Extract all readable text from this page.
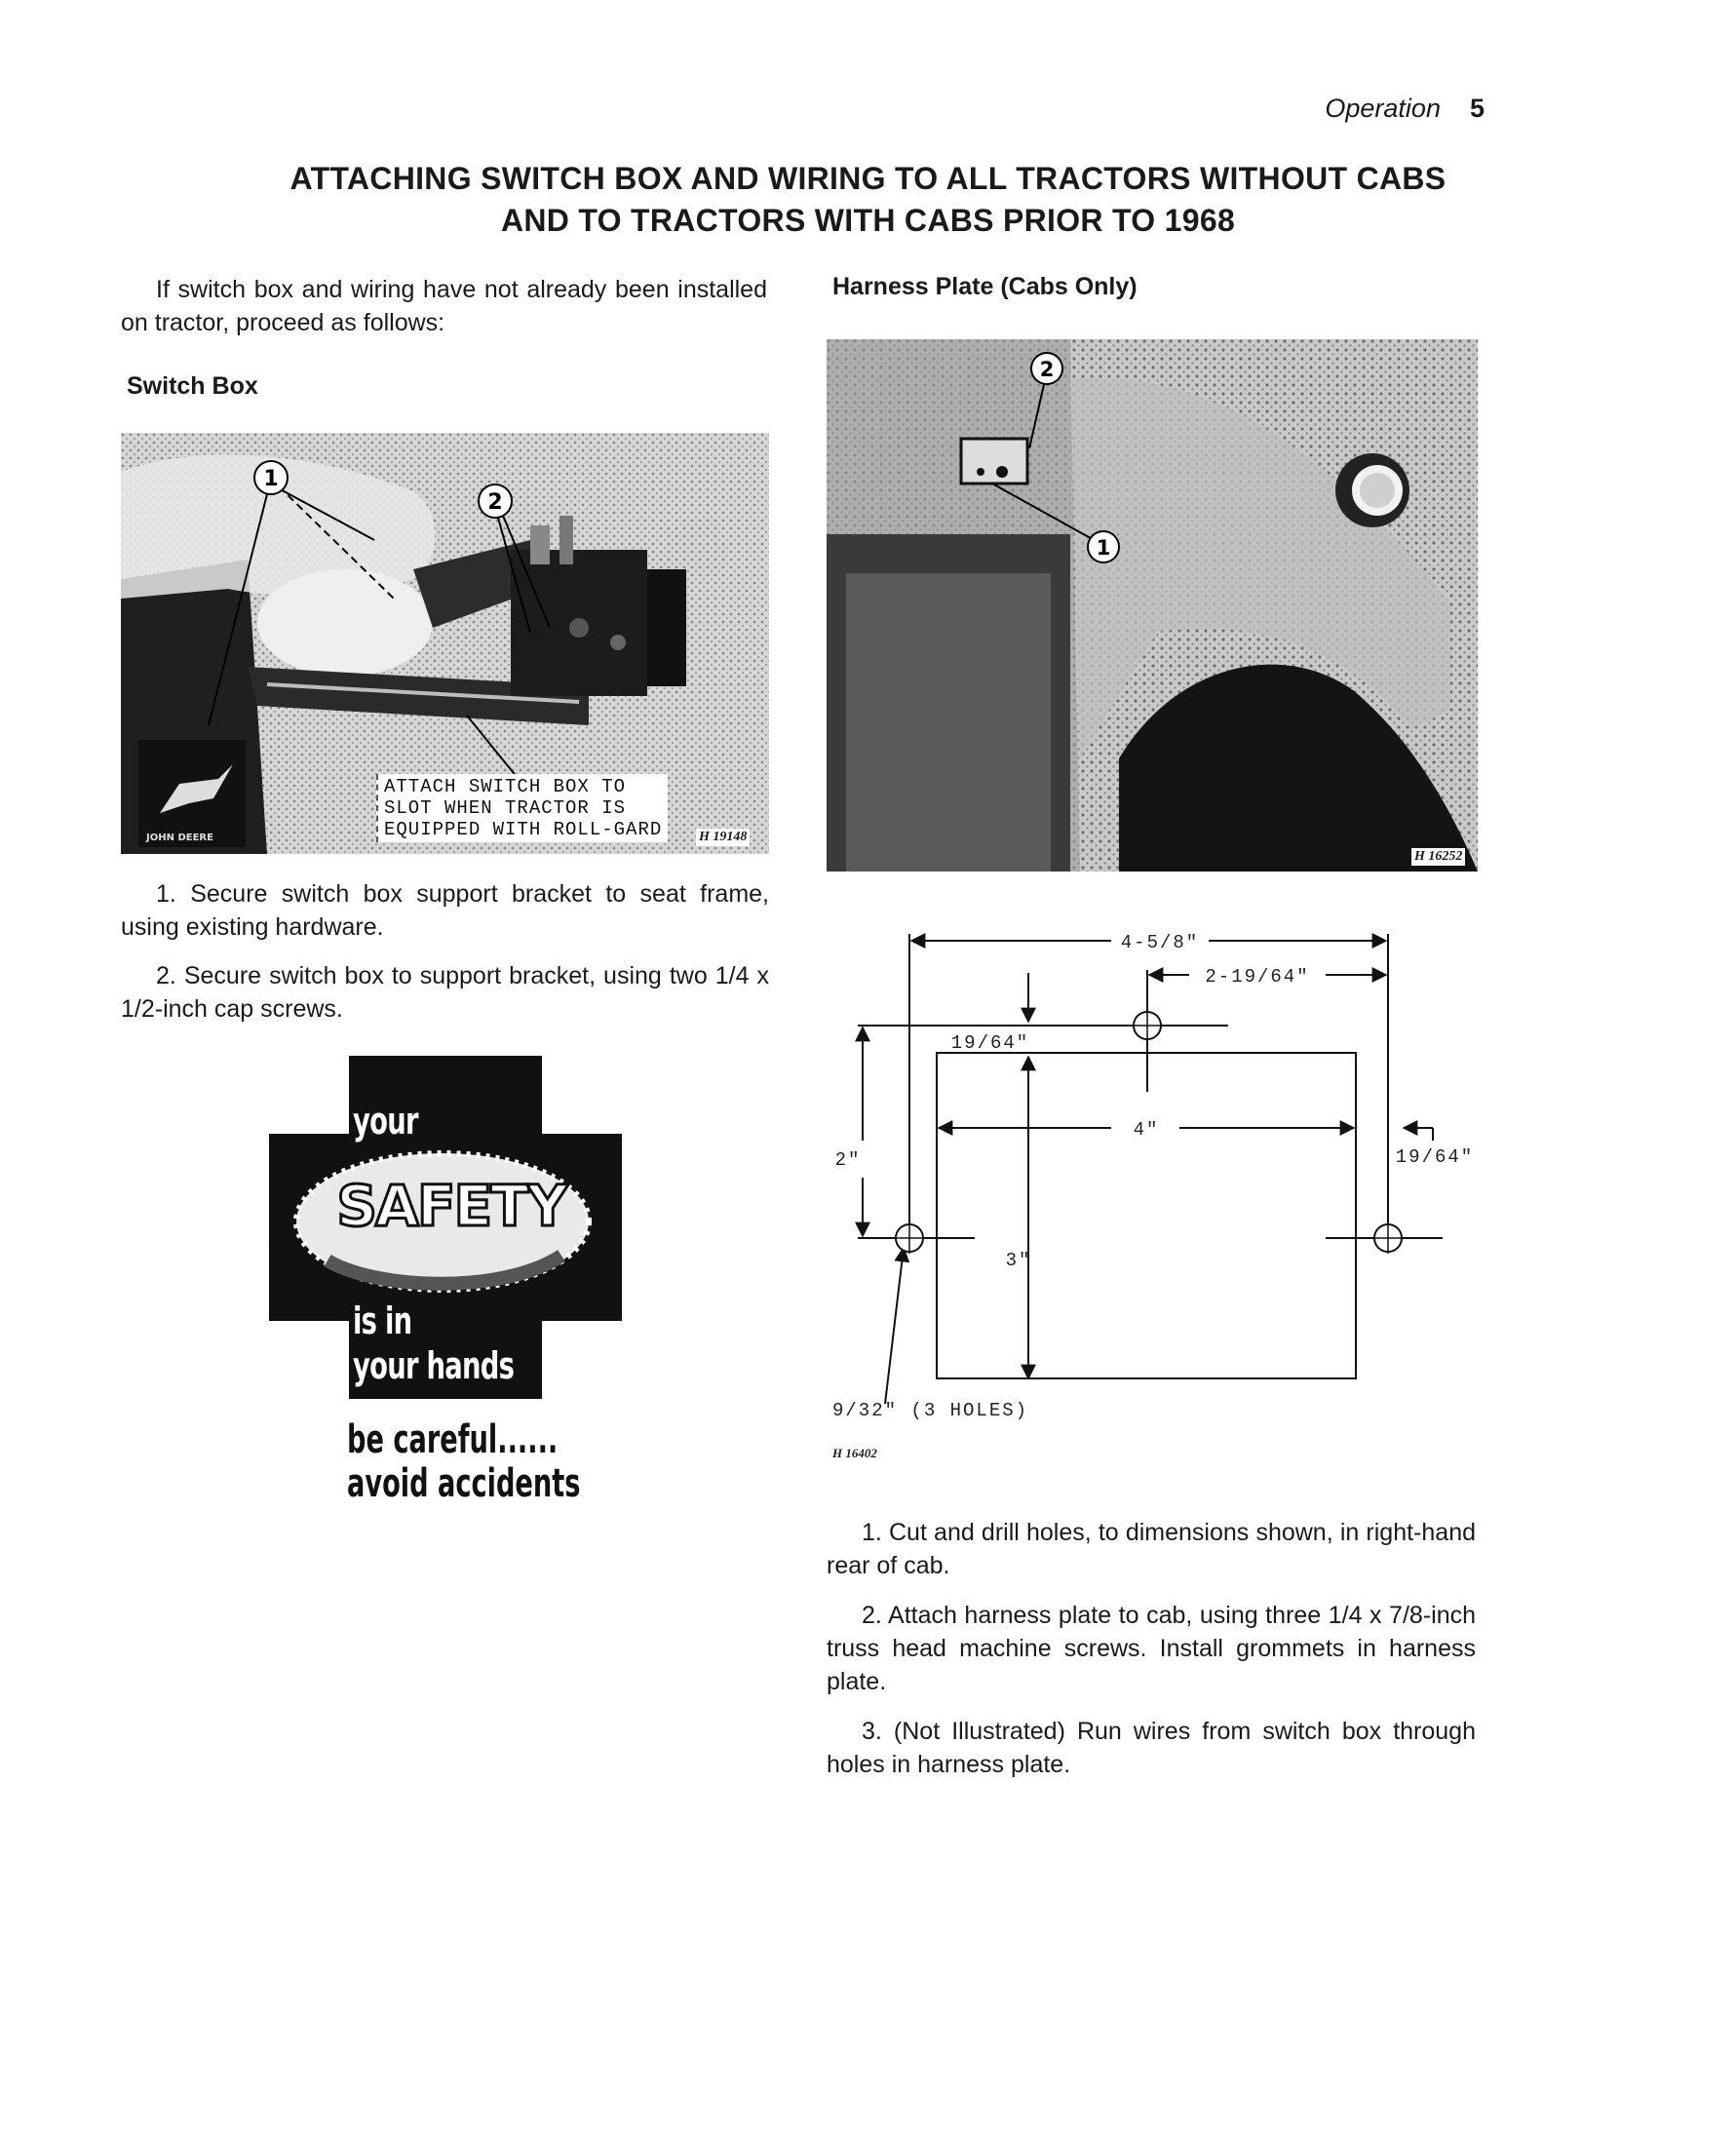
Operation 5
ATTACHING SWITCH BOX AND WIRING TO ALL TRACTORS WITHOUT CABS
AND TO TRACTORS WITH CABS PRIOR TO 1968
If switch box and wiring have not already been installed on tractor, proceed as follows:
Switch Box
JOHN DEERE
1
2
ATTACH SWITCH BOX TO
SLOT WHEN TRACTOR IS
EQUIPPED WITH ROLL-GARD	H 19148
1. Secure switch box support bracket to seat frame, using existing hardware.
2. Secure switch box to support bracket, using two 1/4 x 1/2-inch cap screws.
your
SAFETY
is in
your hands
be careful......
avoid accidents
Harness Plate (Cabs Only)
2
1
H 16252
4-5/8"
2-19/64"
19/64"
2"
4"
19/64"
3"
9/32" (3 HOLES)
H 16402
1. Cut and drill holes, to dimensions shown, in right-hand rear of cab.
2. Attach harness plate to cab, using three 1/4 x 7/8-inch truss head machine screws. Install grommets in harness plate.
3. (Not Illustrated) Run wires from switch box through holes in harness plate.
